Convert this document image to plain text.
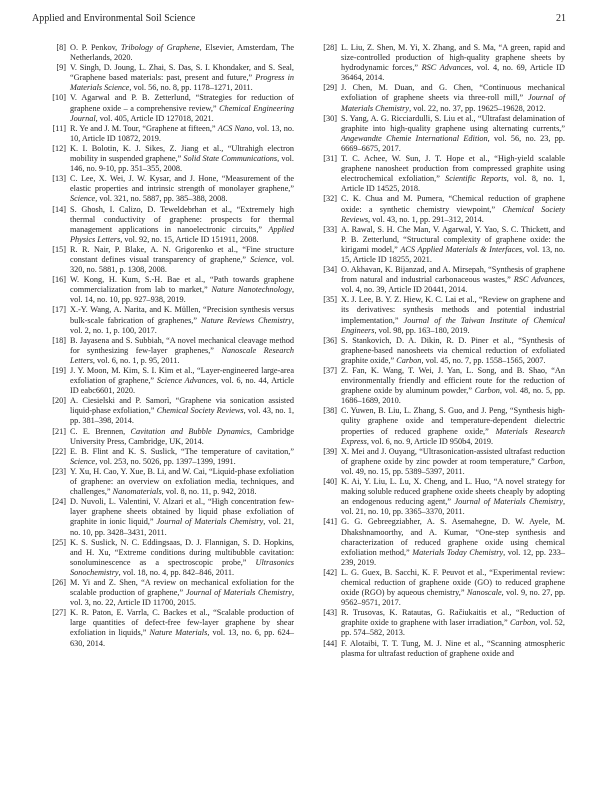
Applied and Environmental Soil Science	21
[8] O. P. Penkov, Tribology of Graphene, Elsevier, Amsterdam, The Netherlands, 2020.
[9] V. Singh, D. Joung, L. Zhai, S. Das, S. I. Khondaker, and S. Seal, “Graphene based materials: past, present and future,” Progress in Materials Science, vol. 56, no. 8, pp. 1178–1271, 2011.
[10] V. Agarwal and P. B. Zetterlund, “Strategies for reduction of graphene oxide – a comprehensive review,” Chemical Engineering Journal, vol. 405, Article ID 127018, 2021.
[11] R. Ye and J. M. Tour, “Graphene at fifteen,” ACS Nano, vol. 13, no. 10, Article ID 10872, 2019.
[12] K. I. Bolotin, K. J. Sikes, Z. Jiang et al., “Ultrahigh electron mobility in suspended graphene,” Solid State Communications, vol. 146, no. 9-10, pp. 351–355, 2008.
[13] C. Lee, X. Wei, J. W. Kysar, and J. Hone, “Measurement of the elastic properties and intrinsic strength of monolayer graphene,” Science, vol. 321, no. 5887, pp. 385–388, 2008.
[14] S. Ghosh, I. Calizo, D. Teweldebrhan et al., “Extremely high thermal conductivity of graphene: prospects for thermal management applications in nanoelectronic circuits,” Applied Physics Letters, vol. 92, no. 15, Article ID 151911, 2008.
[15] R. R. Nair, P. Blake, A. N. Grigorenko et al., “Fine structure constant defines visual transparency of graphene,” Science, vol. 320, no. 5881, p. 1308, 2008.
[16] W. Kong, H. Kum, S.-H. Bae et al., “Path towards graphene commercialization from lab to market,” Nature Nanotechnology, vol. 14, no. 10, pp. 927–938, 2019.
[17] X.-Y. Wang, A. Narita, and K. Müllen, “Precision synthesis versus bulk-scale fabrication of graphenes,” Nature Reviews Chemistry, vol. 2, no. 1, p. 100, 2017.
[18] B. Jayasena and S. Subbiah, “A novel mechanical cleavage method for synthesizing few-layer graphenes,” Nanoscale Research Letters, vol. 6, no. 1, p. 95, 2011.
[19] J. Y. Moon, M. Kim, S. I. Kim et al., “Layer-engineered large-area exfoliation of graphene,” Science Advances, vol. 6, no. 44, Article ID eabc6601, 2020.
[20] A. Ciesielski and P. Samorì, “Graphene via sonication assisted liquid-phase exfoliation,” Chemical Society Reviews, vol. 43, no. 1, pp. 381–398, 2014.
[21] C. E. Brennen, Cavitation and Bubble Dynamics, Cambridge University Press, Cambridge, UK, 2014.
[22] E. B. Flint and K. S. Suslick, “The temperature of cavitation,” Science, vol. 253, no. 5026, pp. 1397–1399, 1991.
[23] Y. Xu, H. Cao, Y. Xue, B. Li, and W. Cai, “Liquid-phase exfoliation of graphene: an overview on exfoliation media, techniques, and challenges,” Nanomaterials, vol. 8, no. 11, p. 942, 2018.
[24] D. Nuvoli, L. Valentini, V. Alzari et al., “High concentration few-layer graphene sheets obtained by liquid phase exfoliation of graphite in ionic liquid,” Journal of Materials Chemistry, vol. 21, no. 10, pp. 3428–3431, 2011.
[25] K. S. Suslick, N. C. Eddingsaas, D. J. Flannigan, S. D. Hopkins, and H. Xu, “Extreme conditions during multibubble cavitation: sonoluminescence as a spectroscopic probe,” Ultrasonics Sonochemistry, vol. 18, no. 4, pp. 842–846, 2011.
[26] M. Yi and Z. Shen, “A review on mechanical exfoliation for the scalable production of graphene,” Journal of Materials Chemistry, vol. 3, no. 22, Article ID 11700, 2015.
[27] K. R. Paton, E. Varrla, C. Backes et al., “Scalable production of large quantities of defect-free few-layer graphene by shear exfoliation in liquids,” Nature Materials, vol. 13, no. 6, pp. 624–630, 2014.
[28] L. Liu, Z. Shen, M. Yi, X. Zhang, and S. Ma, “A green, rapid and size-controlled production of high-quality graphene sheets by hydrodynamic forces,” RSC Advances, vol. 4, no. 69, Article ID 36464, 2014.
[29] J. Chen, M. Duan, and G. Chen, “Continuous mechanical exfoliation of graphene sheets via three-roll mill,” Journal of Materials Chemistry, vol. 22, no. 37, pp. 19625–19628, 2012.
[30] S. Yang, A. G. Ricciardulli, S. Liu et al., “Ultrafast delamination of graphite into high-quality graphene using alternating currents,” Angewandte Chemie International Edition, vol. 56, no. 23, pp. 6669–6675, 2017.
[31] T. C. Achee, W. Sun, J. T. Hope et al., “High-yield scalable graphene nanosheet production from compressed graphite using electrochemical exfoliation,” Scientific Reports, vol. 8, no. 1, Article ID 14525, 2018.
[32] C. K. Chua and M. Pumera, “Chemical reduction of graphene oxide: a synthetic chemistry viewpoint,” Chemical Society Reviews, vol. 43, no. 1, pp. 291–312, 2014.
[33] A. Rawal, S. H. Che Man, V. Agarwal, Y. Yao, S. C. Thickett, and P. B. Zetterlund, “Structural complexity of graphene oxide: the kirigami model,” ACS Applied Materials & Interfaces, vol. 13, no. 15, Article ID 18255, 2021.
[34] O. Akhavan, K. Bijanzad, and A. Mirsepah, “Synthesis of graphene from natural and industrial carbonaceous wastes,” RSC Advances, vol. 4, no. 39, Article ID 20441, 2014.
[35] X. J. Lee, B. Y. Z. Hiew, K. C. Lai et al., “Review on graphene and its derivatives: synthesis methods and potential industrial implementation,” Journal of the Taiwan Institute of Chemical Engineers, vol. 98, pp. 163–180, 2019.
[36] S. Stankovich, D. A. Dikin, R. D. Piner et al., “Synthesis of graphene-based nanosheets via chemical reduction of exfoliated graphite oxide,” Carbon, vol. 45, no. 7, pp. 1558–1565, 2007.
[37] Z. Fan, K. Wang, T. Wei, J. Yan, L. Song, and B. Shao, “An environmentally friendly and efficient route for the reduction of graphene oxide by aluminum powder,” Carbon, vol. 48, no. 5, pp. 1686–1689, 2010.
[38] C. Yuwen, B. Liu, L. Zhang, S. Guo, and J. Peng, “Synthesis high-qulity graphene oxide and temperature-dependent dielectric properties of reduced graphene oxide,” Materials Research Express, vol. 6, no. 9, Article ID 950b4, 2019.
[39] X. Mei and J. Ouyang, “Ultrasonication-assisted ultrafast reduction of graphene oxide by zinc powder at room temperature,” Carbon, vol. 49, no. 15, pp. 5389–5397, 2011.
[40] K. Ai, Y. Liu, L. Lu, X. Cheng, and L. Huo, “A novel strategy for making soluble reduced graphene oxide sheets cheaply by adopting an endogenous reducing agent,” Journal of Materials Chemistry, vol. 21, no. 10, pp. 3365–3370, 2011.
[41] G. G. Gebreegziabher, A. S. Asemahegne, D. W. Ayele, M. Dhakshnamoorthy, and A. Kumar, “One-step synthesis and characterization of reduced graphene oxide using chemical exfoliation method,” Materials Today Chemistry, vol. 12, pp. 233–239, 2019.
[42] L. G. Guex, B. Sacchi, K. F. Peuvot et al., “Experimental review: chemical reduction of graphene oxide (GO) to reduced graphene oxide (RGO) by aqueous chemistry,” Nanoscale, vol. 9, no. 27, pp. 9562–9571, 2017.
[43] R. Trusovas, K. Ratautas, G. Račiukaitis et al., “Reduction of graphite oxide to graphene with laser irradiation,” Carbon, vol. 52, pp. 574–582, 2013.
[44] F. Alotaibi, T. T. Tung, M. J. Nine et al., “Scanning atmospheric plasma for ultrafast reduction of graphene oxide and
